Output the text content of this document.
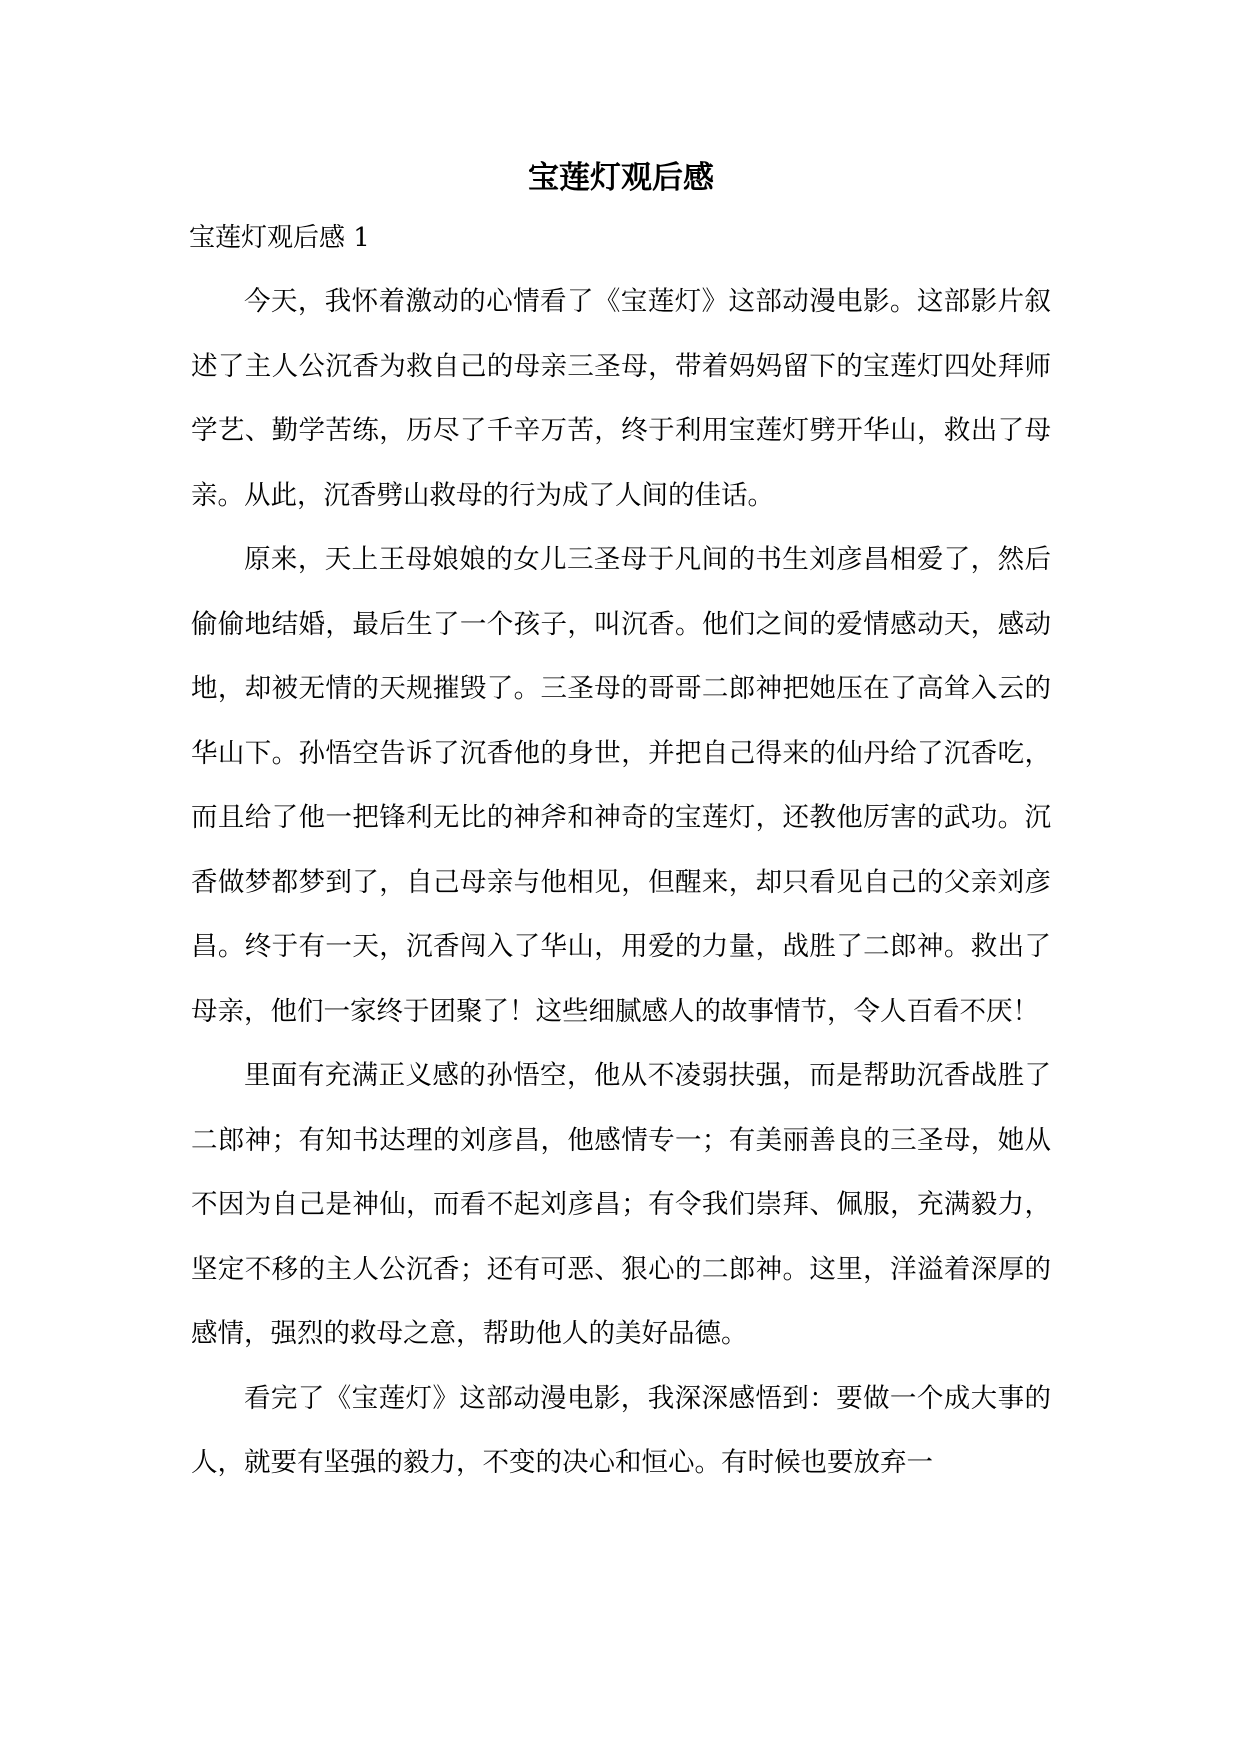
宝莲灯观后感
宝莲灯观后感 1

今天，我怀着激动的心情看了《宝莲灯》这部动漫电影。这部影片叙述了主人公沉香为救自己的母亲三圣母，带着妈妈留下的宝莲灯四处拜师学艺、勤学苦练，历尽了千辛万苦，终于利用宝莲灯劈开华山，救出了母亲。从此，沉香劈山救母的行为成了人间的佳话。

原来，天上王母娘娘的女儿三圣母于凡间的书生刘彦昌相爱了，然后偷偷地结婚，最后生了一个孩子，叫沉香。他们之间的爱情感动天，感动地，却被无情的天规摧毁了。三圣母的哥哥二郎神把她压在了高耸入云的华山下。孙悟空告诉了沉香他的身世，并把自己得来的仙丹给了沉香吃，而且给了他一把锋利无比的神斧和神奇的宝莲灯，还教他厉害的武功。沉香做梦都梦到了，自己母亲与他相见，但醒来，却只看见自己的父亲刘彦昌。终于有一天，沉香闯入了华山，用爱的力量，战胜了二郎神。救出了母亲，他们一家终于团聚了！这些细腻感人的故事情节，令人百看不厌！

里面有充满正义感的孙悟空，他从不凌弱扶强，而是帮助沉香战胜了二郎神；有知书达理的刘彦昌，他感情专一；有美丽善良的三圣母，她从不因为自己是神仙，而看不起刘彦昌；有令我们崇拜、佩服，充满毅力，坚定不移的主人公沉香；还有可恶、狠心的二郎神。这里，洋溢着深厚的感情，强烈的救母之意，帮助他人的美好品德。

看完了《宝莲灯》这部动漫电影，我深深感悟到：要做一个成大事的人，就要有坚强的毅力，不变的决心和恒心。有时候也要放弃一
